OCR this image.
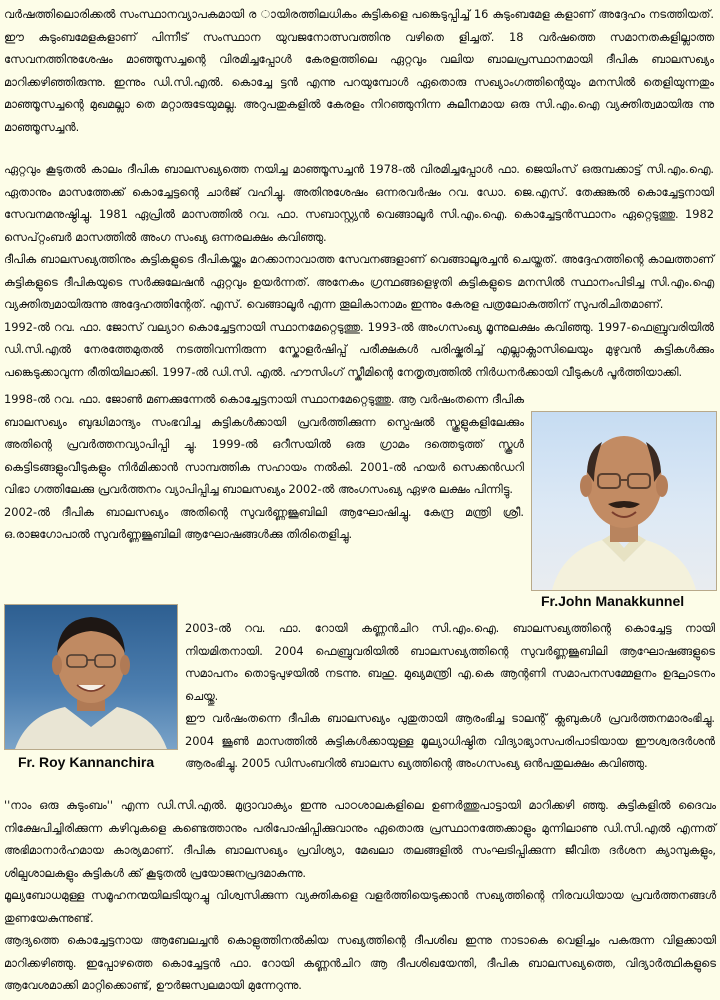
വർഷത്തിലൊരിക്കൽ സംസ്ഥാനവ്യാപകമായി ര ായിരത്തിലധികം കുട്ടികളെ പങ്കെടുപ്പിച്ച് 16 കുടുംബമേള കളാണ് അദ്ദേഹം നടത്തിയത്. ഈ കുടുംബമേളകളാണ് പിന്നീട് സംസ്ഥാന യുവജനോത്സവത്തിനു വഴിതെ ളിച്ചത്. 18 വർഷത്തെ സമാനതകളില്ലാത്ത സേവനത്തിനുശേഷം മാഞ്ഞൂസച്ചന്റെ വിരമിച്ചപ്പോൾ കേരളത്തിലെ ഏറ്റവും വലിയ ബാലപ്രസ്ഥാനമായി ദീപിക ബാലസഖ്യം മാറിക്കഴിഞ്ഞിരുന്നു. ഇന്നും ഡി.സി.എൽ. കൊച്ചേ ട്ടൻ എന്നു പറയുമ്പോൾ ഏതൊരു സഖ്യാംഗത്തിന്റെയും മനസിൽ തെളിയുന്നതും മാഞ്ഞൂസച്ചന്റെ മുഖമല്ലാ തെ മറ്റാരുടേയുമല്ല. അറുപതുകളിൽ കേരളം നിറഞ്ഞുനിന്ന കുലീനമായ ഒരു സി.എം.ഐ വ്യക്തിത്വമായിരു ന്നു മാഞ്ഞൂസച്ചൻ.

ഏറ്റവും കൂടുതൽ കാലം ദീപിക ബാലസഖ്യത്തെ നയിച്ച മാഞ്ഞൂസച്ചൻ 1978-ൽ വിരമിച്ചപ്പോൾ ഫാ. ജെയിംസ് ഒരുമ്പക്കാട്ട് സി.എം.ഐ. ഏതാനും മാസത്തേക്ക് കൊച്ചേട്ടന്റെ ചാർജ് വഹിച്ചു. അതിനുശേഷം ഒന്നരവർഷം റവ. ഡോ. ജെ.എസ്. തേക്കുങ്കൽ കൊച്ചേട്ടനായി സേവനമനുഷ്ഠിച്ചു. 1981 ഏപ്രിൽ മാസത്തിൽ റവ. ഫാ. സബാസ്റ്റ്യൻ വെങ്ങാലൂർ സി.എം.ഐ. കൊച്ചേട്ടൻസ്ഥാനം ഏറ്റെടുത്തു. 1982 സെപ്റ്റംബർ മാസത്തിൽ അംഗ സംഖ്യ ഒന്നരലക്ഷം കവിഞ്ഞു.

ദീപിക ബാലസഖ്യത്തിനും കുട്ടികളുടെ ദീപികയ്ക്കും മറക്കാനാവാത്ത സേവനങ്ങളാണ് വെങ്ങാലൂരച്ചൻ ചെയ്തത്. അദ്ദേഹത്തിന്റെ കാലത്താണ് കുട്ടികളുടെ ദീപികയുടെ സർക്കുലേഷൻ ഏറ്റവും ഉയർന്നത്. അനേകം ഗ്രന്ഥങ്ങളെഴുതി കുട്ടികളുടെ മനസിൽ സ്ഥാനംപിടിച്ച സി.എം.ഐ വ്യക്തിത്വമായിരുന്നു അദ്ദേഹത്തിന്റേത്. എസ്. വെങ്ങാലൂർ എന്ന തൂലികാനാമം ഇന്നും കേരള പത്രലോകത്തിന് സുപരിചിതമാണ്.

1992-ൽ റവ. ഫാ. ജോസ് വല്യാറ കൊച്ചേട്ടനായി സ്ഥാനമേറ്റെടുത്തു. 1993-ൽ അംഗസംഖ്യ മൂന്നുലക്ഷം കവിഞ്ഞു. 1997-ഫെബ്രുവരിയിൽ ഡി.സി.എൽ നേരത്തേമുതൽ നടത്തിവന്നിരുന്ന സ്കോളർഷിപ്പ് പരീക്ഷകൾ പരിഷ്കരിച്ച് എല്ലാക്ലാസിലെയും മുഴുവൻ കുട്ടികൾക്കും പങ്കെടുക്കാവുന്ന രീതിയിലാക്കി. 1997-ൽ ഡി.സി. എൽ. ഹൗസിംഗ് സ്കീമിന്റെ നേതൃത്വത്തിൽ നിർധനർക്കായി വീടുകൾ പൂർത്തിയാക്കി.

1998-ൽ റവ. ഫാ. ജോൺ മണക്കുന്നേൽ കൊച്ചേട്ടനായി സ്ഥാനമേറ്റെടുത്തു. ആ വർഷംതന്നെ ദീപിക ബാലസഖ്യം ബുദ്ധിമാന്ദ്യം സംഭവിച്ച കുട്ടികൾക്കായി പ്രവർത്തിക്കുന്ന സ്പെഷൽ സ്കൂളുകളിലേക്കും അതിന്റെ പ്രവർത്തനവ്യാപിപ്പി ച്ചു. 1999-ൽ ഒറീസയിൽ ഒരു ഗ്രാമം ദത്തെടുത്ത് സ്കൂൾ കെട്ടിടങ്ങളുംവീടുകളും നിർമിക്കാൻ സാമ്പത്തിക സഹായം നൽകി. 2001-ൽ ഹയർ സെക്കൻഡറി വിഭാ ഗത്തിലേക്കു പ്രവർത്തനം വ്യാപിപ്പിച്ച ബാലസഖ്യം 2002-ൽ അംഗസംഖ്യ ഏഴര ലക്ഷം പിന്നിട്ടു.

2002-ൽ ദീപിക ബാലസഖ്യം അതിന്റെ സുവർണ്ണജൂബിലി ആഘോഷിച്ചു. കേന്ദ്ര മന്ത്രി ശ്രീ. ഒ.രാജഗോപാൽ സുവർണ്ണജൂബിലി ആഘോഷങ്ങൾക്കു തിരിതെളിച്ചു.

Fr.John Manakkunnel
Fr. Roy Kannanchira

2003-ൽ റവ. ഫാ. റോയി കണ്ണൻചിറ സി.എം.ഐ. ബാലസഖ്യത്തിന്റെ കൊച്ചേട്ട നായി നിയമിതനായി. 2004 ഫെബ്രുവരിയിൽ ബാലസഖ്യത്തിന്റെ സുവർണ്ണജൂബിലി ആഘോഷങ്ങളുടെ സമാപനം തൊടുപുഴയിൽ നടന്നു. ബഹു. മുഖ്യമന്ത്രി എ.കെ ആന്റണി സമാപനസമ്മേളനം ഉദ്ഘാടനം ചെയ്തു.

ഈ വർഷംതന്നെ ദീപിക ബാലസഖ്യം പുതുതായി ആരംഭിച്ച ടാലന്റ് ക്ലബുകൾ പ്രവർത്തനമാരംഭിച്ചു. 2004 ജൂൺ മാസത്തിൽ കുട്ടികൾക്കായുള്ള മൂല്യാധിഷ്ഠിത വിദ്യാഭ്യാസപരിപാടിയായ ഈശ്വരദർശൻ ആരംഭിച്ചു. 2005 ഡിസംബറിൽ ബാലസ ഖ്യത്തിന്റെ അംഗസംഖ്യ ഒൻപതുലക്ഷം കവിഞ്ഞു.

''നാം ഒരു കുടുംബം'' എന്ന ഡി.സി.എൽ. മുദ്രാവാക്യം ഇന്നു പാഠശാലകളിലെ ഉണർത്തുപാട്ടായി മാറിക്കഴി ഞ്ഞു. കുട്ടികളിൽ ദൈവം നിക്ഷേപിച്ചിരിക്കുന്ന കഴിവുകളെ കണ്ടെത്താനും പരിപോഷിപ്പിക്കുവാനും ഏതൊരു പ്രസ്ഥാനത്തേക്കാളും മുന്നിലാണു ഡി.സി.എൽ എന്നത് അഭിമാനാർഹമായ കാര്യമാണ്. ദീപിക ബാലസഖ്യം പ്രവിശ്യാ, മേഖലാ തലങ്ങളിൽ സംഘടിപ്പിക്കുന്ന ജീവിത ദർശന ക്യാമ്പുകളും, ശില്പശാലകളും കുട്ടികൾ ക്ക് കൂടുതൽ പ്രയോജനപ്രദമാകുന്നു.

മൂല്യബോധമുള്ള സമൂഹനന്മയിലടിയുറച്ചു വിശ്വസിക്കുന്ന വ്യക്തികളെ വളർത്തിയെടുക്കാൻ സഖ്യത്തിന്റെ നിരവധിയായ പ്രവർത്തനങ്ങൾ തുണയേകുന്നുണ്ട്.

ആദ്യത്തെ കൊച്ചേട്ടനായ ആബേലച്ചൻ കൊളുത്തിനൽകിയ സഖ്യത്തിന്റെ ദീപശിഖ ഇന്നു നാടാകെ വെളിച്ചം പകരുന്ന വിളക്കായി മാറിക്കഴിഞ്ഞു. ഇപ്പോഴത്തെ കൊച്ചേട്ടൻ ഫാ. റോയി കണ്ണൻചിറ ആ ദീപശിഖയേന്തി, ദീപിക ബാലസഖ്യത്തെ, വിദ്യാർത്ഥികളുടെ ആവേശമാക്കി മാറ്റിക്കൊണ്ട്, ഊർജസ്വലമായി മുന്നേറുന്നു.
